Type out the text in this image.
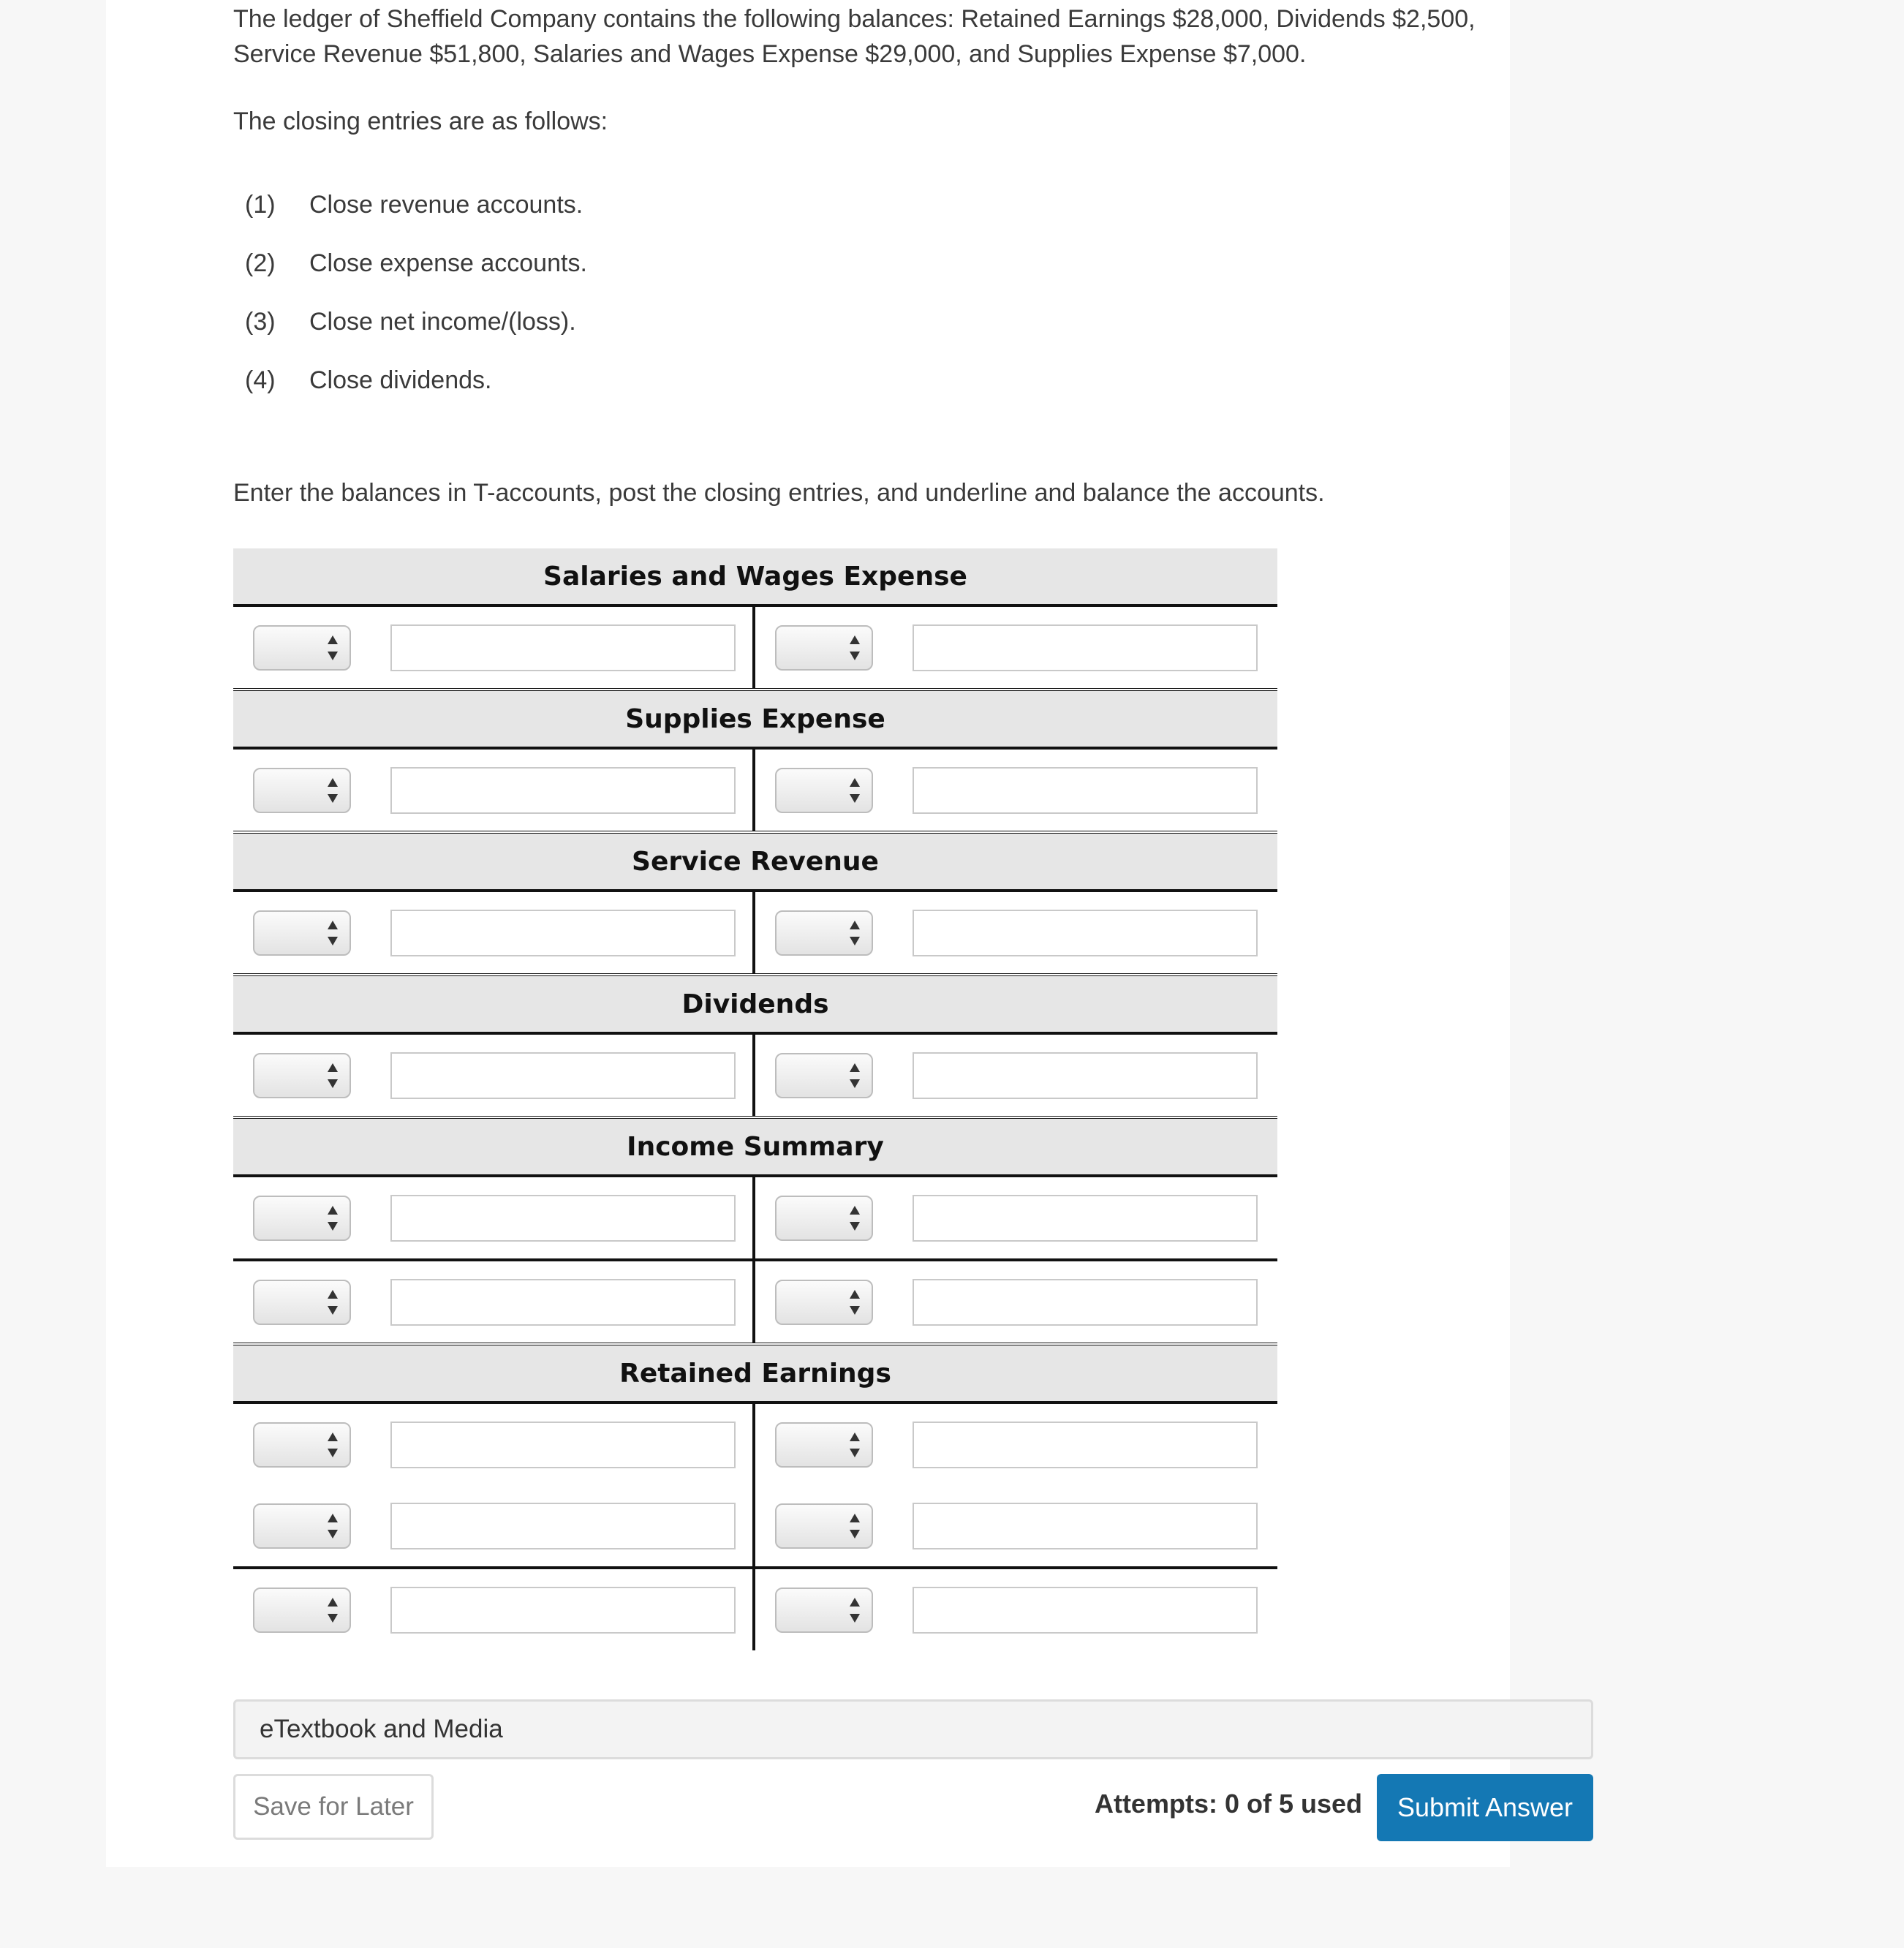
The ledger of Sheffield Company contains the following balances: Retained Earnings $28,000, Dividends $2,500,
Service Revenue $51,800, Salaries and Wages Expense $29,000, and Supplies Expense $7,000.

The closing entries are as follows:

(1)	Close revenue accounts.
(2)	Close expense accounts.
(3)	Close net income/(loss).
(4)	Close dividends.
Enter the balances in T-accounts, post the closing entries, and underline and balance the accounts.
Salaries and Wages Expense
Supplies Expense
Service Revenue
Dividends
Income Summary
Retained Earnings
eTextbook and Media
Save for Later	Attempts: 0 of 5 used	Submit Answer
